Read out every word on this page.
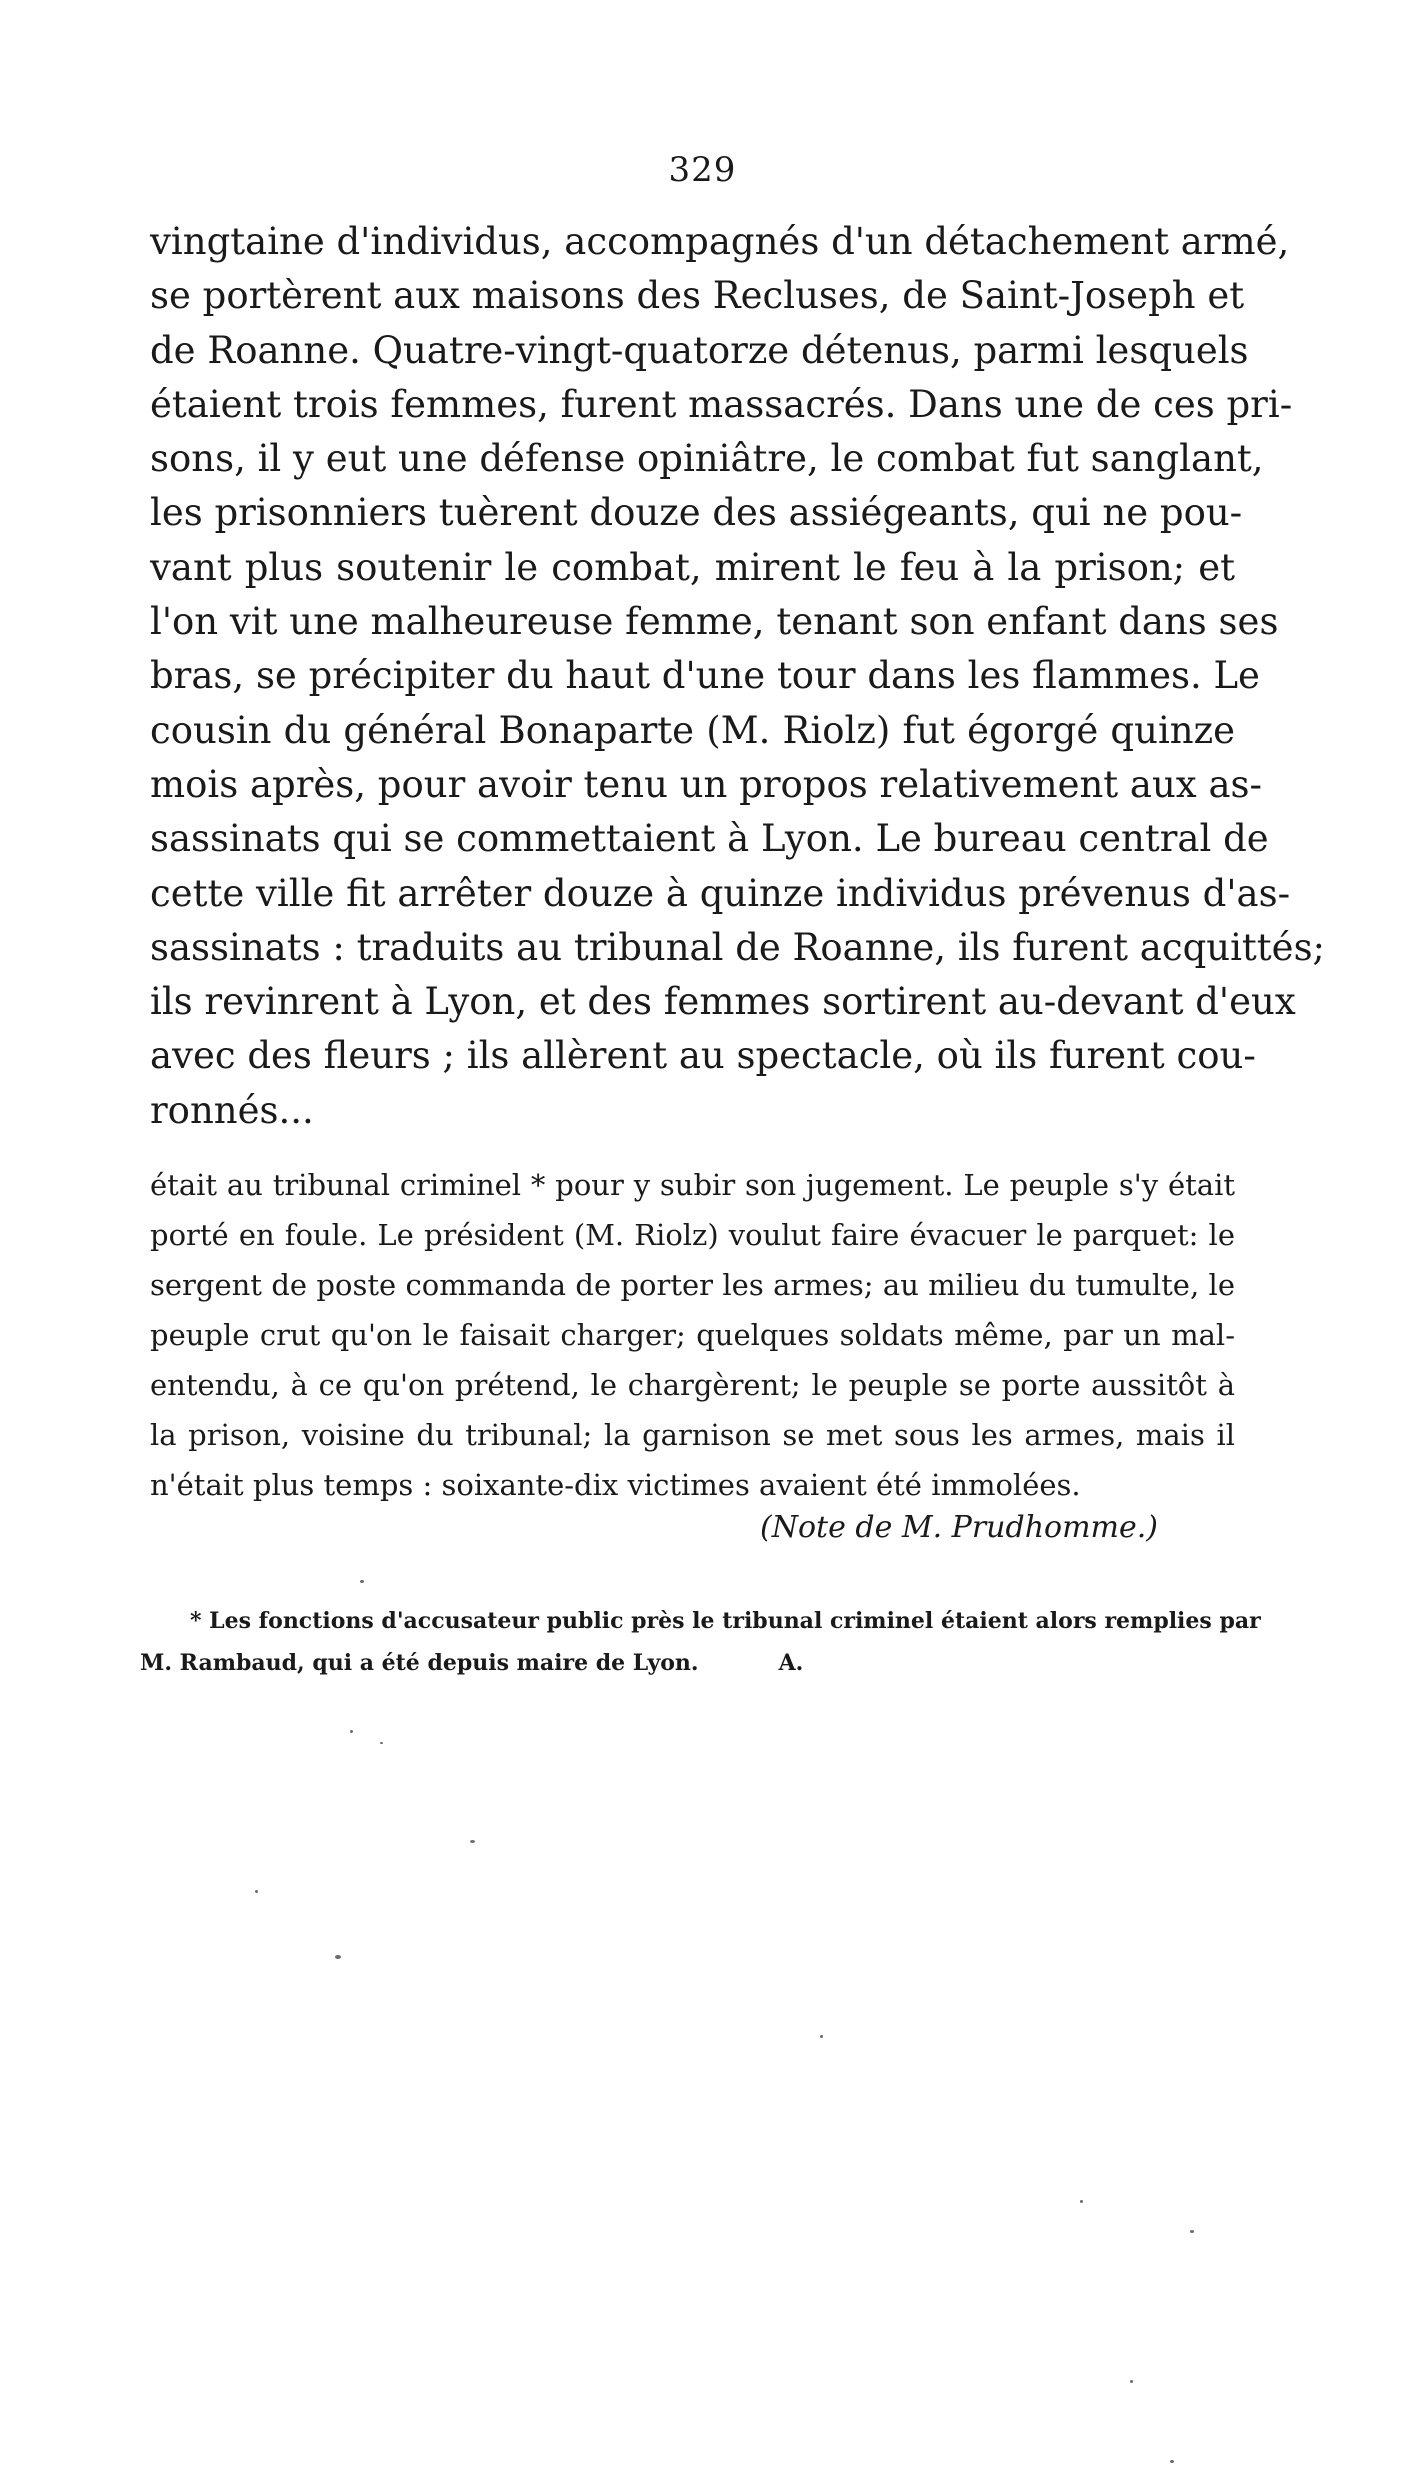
329
vingtaine d'individus, accompagnés d'un détachement armé,
se portèrent aux maisons des Recluses, de Saint-Joseph et
de Roanne. Quatre-vingt-quatorze détenus, parmi lesquels
étaient trois femmes, furent massacrés. Dans une de ces pri-
sons, il y eut une défense opiniâtre, le combat fut sanglant,
les prisonniers tuèrent douze des assiégeants, qui ne pou-
vant plus soutenir le combat, mirent le feu à la prison; et
l'on vit une malheureuse femme, tenant son enfant dans ses
bras, se précipiter du haut d'une tour dans les flammes. Le
cousin du général Bonaparte (M. Riolz) fut égorgé quinze
mois après, pour avoir tenu un propos relativement aux as-
sassinats qui se commettaient à Lyon. Le bureau central de
cette ville fit arrêter douze à quinze individus prévenus d'as-
sassinats : traduits au tribunal de Roanne, ils furent acquittés;
ils revinrent à Lyon, et des femmes sortirent au-devant d'eux
avec des fleurs ; ils allèrent au spectacle, où ils furent cou-
ronnés...
était au tribunal criminel * pour y subir son jugement. Le peuple s'y était
porté en foule. Le président (M. Riolz) voulut faire évacuer le parquet: le
sergent de poste commanda de porter les armes; au milieu du tumulte, le
peuple crut qu'on le faisait charger; quelques soldats même, par un mal-
entendu, à ce qu'on prétend, le chargèrent; le peuple se porte aussitôt à
la prison, voisine du tribunal; la garnison se met sous les armes, mais il
n'était plus temps : soixante-dix victimes avaient été immolées.
(Note de M. Prudhomme.)
* Les fonctions d'accusateur public près le tribunal criminel étaient alors remplies par
M. Rambaud, qui a été depuis maire de Lyon.	A.
